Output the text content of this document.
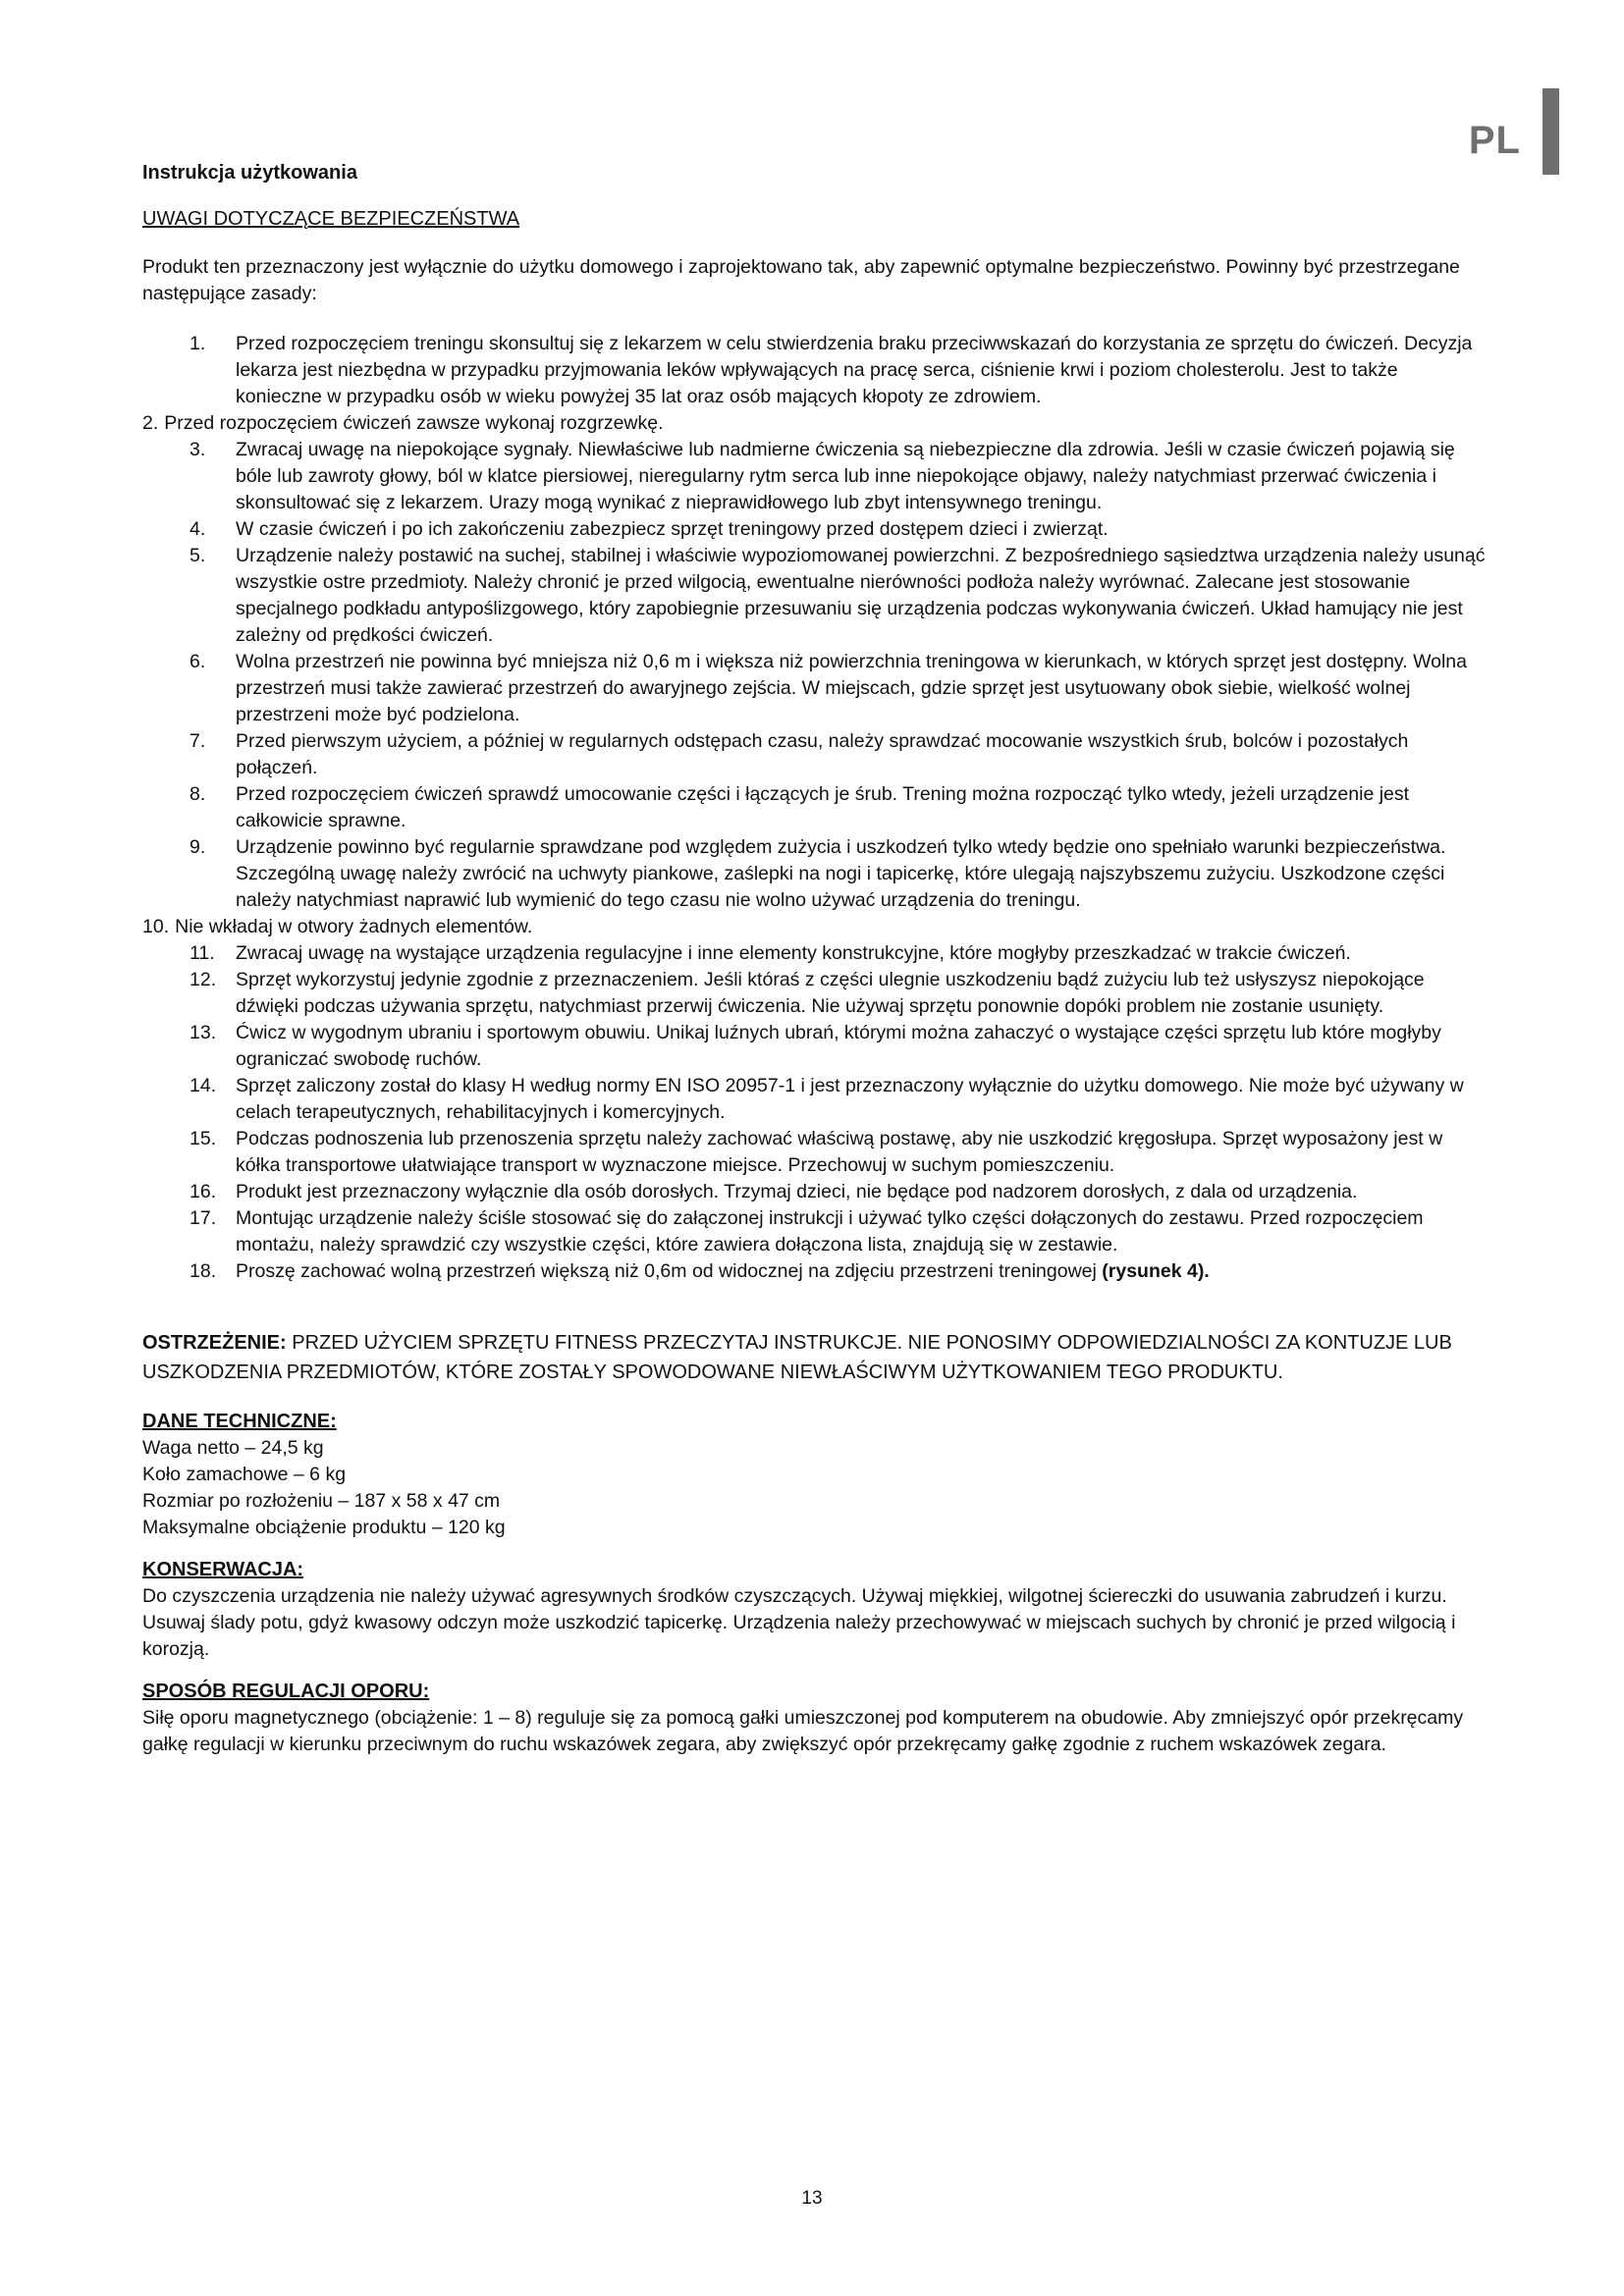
PL

Instrukcja użytkowania

UWAGI DOTYCZĄCE BEZPIECZEŃSTWA

Produkt ten przeznaczony jest wyłącznie do użytku domowego i zaprojektowano tak, aby zapewnić optymalne bezpieczeństwo. Powinny być przestrzegane następujące zasady:

1. Przed rozpoczęciem treningu skonsultuj się z lekarzem w celu stwierdzenia braku przeciwwskazań do korzystania ze sprzętu do ćwiczeń. Decyzja lekarza jest niezbędna w przypadku przyjmowania leków wpływających na pracę serca, ciśnienie krwi i poziom cholesterolu. Jest to także konieczne w przypadku osób w wieku powyżej 35 lat oraz osób mających kłopoty ze zdrowiem.
2. Przed rozpoczęciem ćwiczeń zawsze wykonaj rozgrzewkę.
3. Zwracaj uwagę na niepokojące sygnały. Niewłaściwe lub nadmierne ćwiczenia są niebezpieczne dla zdrowia. Jeśli w czasie ćwiczeń pojawią się bóle lub zawroty głowy, ból w klatce piersiowej, nieregularny rytm serca lub inne niepokojące objawy, należy natychmiast przerwać ćwiczenia i skonsultować się z lekarzem. Urazy mogą wynikać z nieprawidłowego lub zbyt intensywnego treningu.
4. W czasie ćwiczeń i po ich zakończeniu zabezpiecz sprzęt treningowy przed dostępem dzieci i zwierząt.
5. Urządzenie należy postawić na suchej, stabilnej i właściwie wypoziomowanej powierzchni. Z bezpośredniego sąsiedztwa urządzenia należy usunąć wszystkie ostre przedmioty. Należy chronić je przed wilgocią, ewentualne nierówności podłoża należy wyrównać. Zalecane jest stosowanie specjalnego podkładu antypoślizgowego, który zapobiegnie przesuwaniu się urządzenia podczas wykonywania ćwiczeń. Układ hamujący nie jest zależny od prędkości ćwiczeń.
6. Wolna przestrzeń nie powinna być mniejsza niż 0,6 m i większa niż powierzchnia treningowa w kierunkach, w których sprzęt jest dostępny. Wolna przestrzeń musi także zawierać przestrzeń do awaryjnego zejścia. W miejscach, gdzie sprzęt jest usytuowany obok siebie, wielkość wolnej przestrzeni może być podzielona.
7. Przed pierwszym użyciem, a później w regularnych odstępach czasu, należy sprawdzać mocowanie wszystkich śrub, bolców i pozostałych połączeń.
8. Przed rozpoczęciem ćwiczeń sprawdź umocowanie części i łączących je śrub. Trening można rozpocząć tylko wtedy, jeżeli urządzenie jest całkowicie sprawne.
9. Urządzenie powinno być regularnie sprawdzane pod względem zużycia i uszkodzeń tylko wtedy będzie ono spełniało warunki bezpieczeństwa. Szczególną uwagę należy zwrócić na uchwyty piankowe, zaślepki na nogi i tapicerkę, które ulegają najszybszemu zużyciu. Uszkodzone części należy natychmiast naprawić lub wymienić do tego czasu nie wolno używać urządzenia do treningu.
10. Nie wkładaj w otwory żadnych elementów.
11. Zwracaj uwagę na wystające urządzenia regulacyjne i inne elementy konstrukcyjne, które mogłyby przeszkadzać w trakcie ćwiczeń.
12. Sprzęt wykorzystuj jedynie zgodnie z przeznaczeniem. Jeśli któraś z części ulegnie uszkodzeniu bądź zużyciu lub też usłyszysz niepokojące dźwięki podczas używania sprzętu, natychmiast przerwij ćwiczenia. Nie używaj sprzętu ponownie dopóki problem nie zostanie usunięty.
13. Ćwicz w wygodnym ubraniu i sportowym obuwiu. Unikaj luźnych ubrań, którymi można zahaczyć o wystające części sprzętu lub które mogłyby ograniczać swobodę ruchów.
14. Sprzęt zaliczony został do klasy H według normy EN ISO 20957-1 i jest przeznaczony wyłącznie do użytku domowego. Nie może być używany w celach terapeutycznych, rehabilitacyjnych i komercyjnych.
15. Podczas podnoszenia lub przenoszenia sprzętu należy zachować właściwą postawę, aby nie uszkodzić kręgosłupa. Sprzęt wyposażony jest w kółka transportowe ułatwiające transport w wyznaczone miejsce. Przechowuj w suchym pomieszczeniu.
16. Produkt jest przeznaczony wyłącznie dla osób dorosłych. Trzymaj dzieci, nie będące pod nadzorem dorosłych, z dala od urządzenia.
17. Montując urządzenie należy ściśle stosować się do załączonej instrukcji i używać tylko części dołączonych do zestawu. Przed rozpoczęciem montażu, należy sprawdzić czy wszystkie części, które zawiera dołączona lista, znajdują się w zestawie.
18. Proszę zachować wolną przestrzeń większą niż 0,6m od widocznej na zdjęciu przestrzeni treningowej (rysunek 4).

OSTRZEŻENIE: PRZED UŻYCIEM SPRZĘTU FITNESS PRZECZYTAJ INSTRUKCJE. NIE PONOSIMY ODPOWIEDZIALNOŚCI ZA KONTUZJE LUB USZKODZENIA PRZEDMIOTÓW, KTÓRE ZOSTAŁY SPOWODOWANE NIEWŁAŚCIWYM UŻYTKOWANIEM TEGO PRODUKTU.

DANE TECHNICZNE:

Waga netto – 24,5 kg
Koło zamachowe – 6 kg
Rozmiar po rozłożeniu – 187 x 58 x 47 cm
Maksymalne obciążenie produktu – 120 kg

KONSERWACJA:

Do czyszczenia urządzenia nie należy używać agresywnych środków czyszczących. Używaj miękkiej, wilgotnej ściereczki do usuwania zabrudzeń i kurzu. Usuwaj ślady potu, gdyż kwasowy odczyn może uszkodzić tapicerkę. Urządzenia należy przechowywać w miejscach suchych by chronić je przed wilgocią i korozją.

SPOSÓB REGULACJI OPORU:

Siłę oporu magnetycznego (obciążenie: 1 – 8) reguluje się za pomocą gałki umieszczonej pod komputerem na obudowie. Aby zmniejszyć opór przekręcamy gałkę regulacji w kierunku przeciwnym do ruchu wskazówek zegara, aby zwiększyć opór przekręcamy gałkę zgodnie z ruchem wskazówek zegara.

13
